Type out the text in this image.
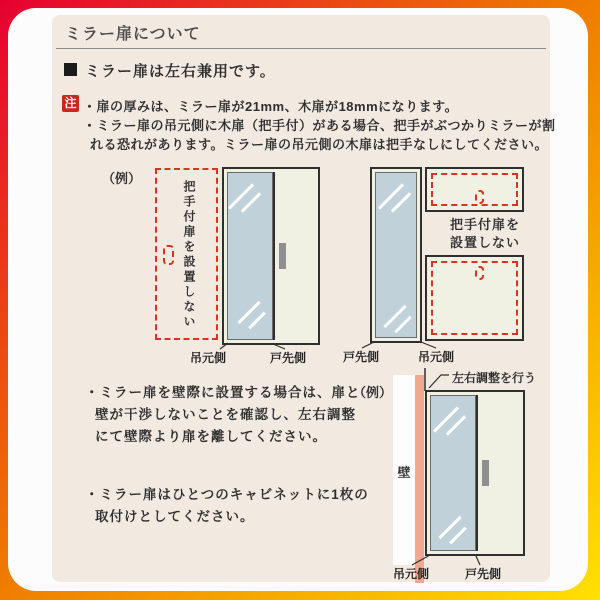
ミラー扉について
ミラー扉は左右兼用です。
注 ・扉の厚みは、ミラー扉が21mm、木扉が18mmになります。
・ミラー扉の吊元側に木扉（把手付）がある場合、把手がぶつかりミラーが割
れる恐れがあります。ミラー扉の吊元側の木扉は把手なしにしてください。
（例）
把手付扉を設置しない
吊元側	戸先側
把手付扉を
設置しない
戸先側	吊元側
・ミラー扉を壁際に設置する場合は、扉と
壁が干渉しないことを確認し、左右調整
にて壁際より扉を離してください。
（例）
・ミラー扉はひとつのキャビネットに1枚の
取付けとしてください。
壁
左右調整を行う
吊元側	戸先側
